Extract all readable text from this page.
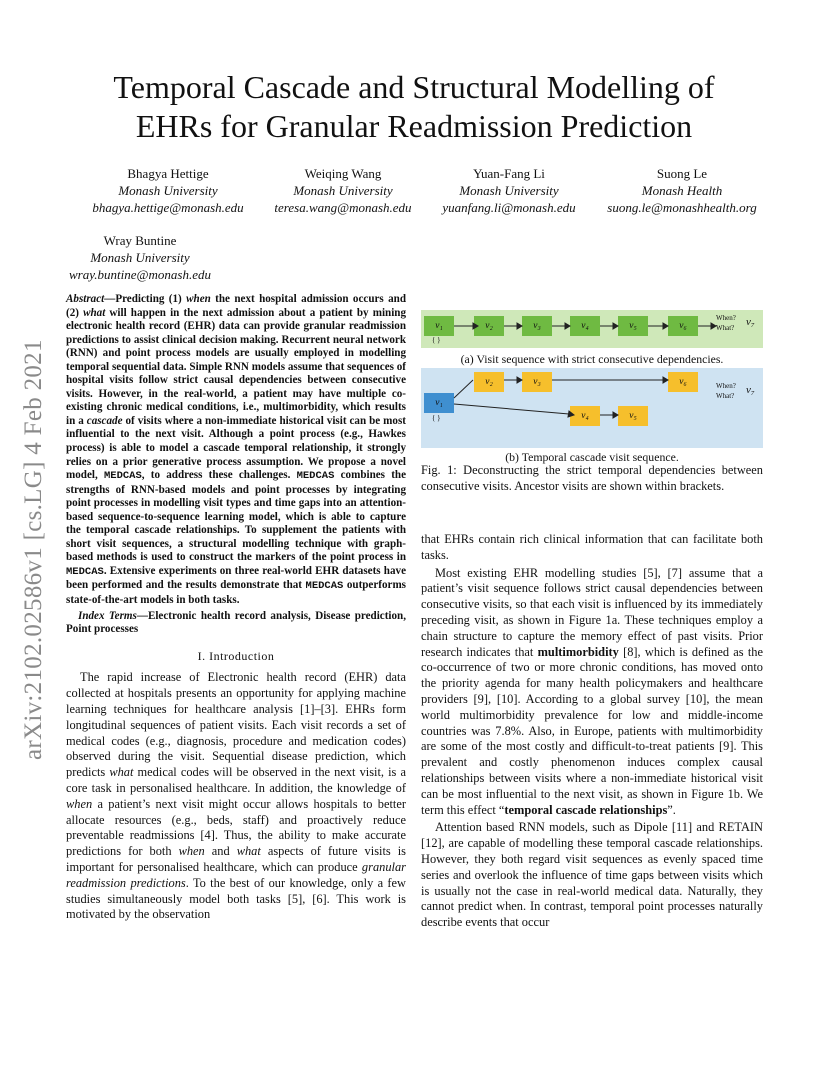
arXiv:2102.02586v1 [cs.LG] 4 Feb 2021
Temporal Cascade and Structural Modelling of
EHRs for Granular Readmission Prediction
Bhagya Hettige
Monash University
bhagya.hettige@monash.edu
Weiqing Wang
Monash University
teresa.wang@monash.edu
Yuan-Fang Li
Monash University
yuanfang.li@monash.edu
Suong Le
Monash Health
suong.le@monashhealth.org
Wray Buntine
Monash University
wray.buntine@monash.edu
Abstract—Predicting (1) when the next hospital admission occurs and (2) what will happen in the next admission about a patient by mining electronic health record (EHR) data can provide granular readmission predictions to assist clinical decision making. Recurrent neural network (RNN) and point process models are usually employed in modelling temporal sequential data. Simple RNN models assume that sequences of hospital visits follow strict causal dependencies between consecutive visits. However, in the real-world, a patient may have multiple co-existing chronic medical conditions, i.e., multimorbidity, which results in a cascade of visits where a non-immediate historical visit can be most influential to the next visit. Although a point process (e.g., Hawkes process) is able to model a cascade temporal relationship, it strongly relies on a prior generative process assumption. We propose a novel model, MEDCAS, to address these challenges. MEDCAS combines the strengths of RNN-based models and point processes by integrating point processes in modelling visit types and time gaps into an attention-based sequence-to-sequence learning model, which is able to capture the temporal cascade relationships. To supplement the patients with short visit sequences, a structural modelling technique with graph-based methods is used to construct the markers of the point process in MEDCAS. Extensive experiments on three real-world EHR datasets have been performed and the results demonstrate that MEDCAS outperforms state-of-the-art models in both tasks.
Index Terms—Electronic health record analysis, Disease prediction, Point processes
I. Introduction

The rapid increase of Electronic health record (EHR) data collected at hospitals presents an opportunity for applying machine learning techniques for healthcare analysis [1]–[3]. EHRs form longitudinal sequences of patient visits. Each visit records a set of medical codes (e.g., diagnosis, procedure and medication codes) observed during the visit. Sequential disease prediction, which predicts what medical codes will be observed in the next visit, is a core task in personalised healthcare. In addition, the knowledge of when a patient’s next visit might occur allows hospitals to better allocate resources (e.g., beds, staff) and proactively reduce preventable readmissions [4]. Thus, the ability to make accurate predictions for both when and what aspects of future visits is important for personalised healthcare, which can produce granular readmission predictions. To the best of our knowledge, only a few studies simultaneously model both tasks [5], [6]. This work is motivated by the observation

v₁	v₂	v₃	v₄	v₅	v₆
{ }
When?
What? v₇
(a) Visit sequence with strict consecutive dependencies.
v₁
v₂	v₃
v₄	v₅
v₆
{ }
When?
What? v₇
(b) Temporal cascade visit sequence.
Fig. 1: Deconstructing the strict temporal dependencies between consecutive visits. Ancestor visits are shown within brackets.

that EHRs contain rich clinical information that can facilitate both tasks.

Most existing EHR modelling studies [5], [7] assume that a patient’s visit sequence follows strict causal dependencies between consecutive visits, so that each visit is influenced by its immediately preceding visit, as shown in Figure 1a. These techniques employ a chain structure to capture the memory effect of past visits. Prior research indicates that multimorbidity [8], which is defined as the co-occurrence of two or more chronic conditions, has moved onto the priority agenda for many health policymakers and healthcare providers [9], [10]. According to a global survey [10], the mean world multimorbidity prevalence for low and middle-income countries was 7.8%. Also, in Europe, patients with multimorbidity are some of the most costly and difficult-to-treat patients [9]. This prevalent and costly phenomenon induces complex causal relationships between visits where a non-immediate historical visit can be most influential to the next visit, as shown in Figure 1b. We term this effect “temporal cascade relationships”.

Attention based RNN models, such as Dipole [11] and RETAIN [12], are capable of modelling these temporal cascade relationships. However, they both regard visit sequences as evenly spaced time series and overlook the influence of time gaps between visits which is usually not the case in real-world medical data. Naturally, they cannot predict when. In contrast, temporal point processes naturally describe events that occur
